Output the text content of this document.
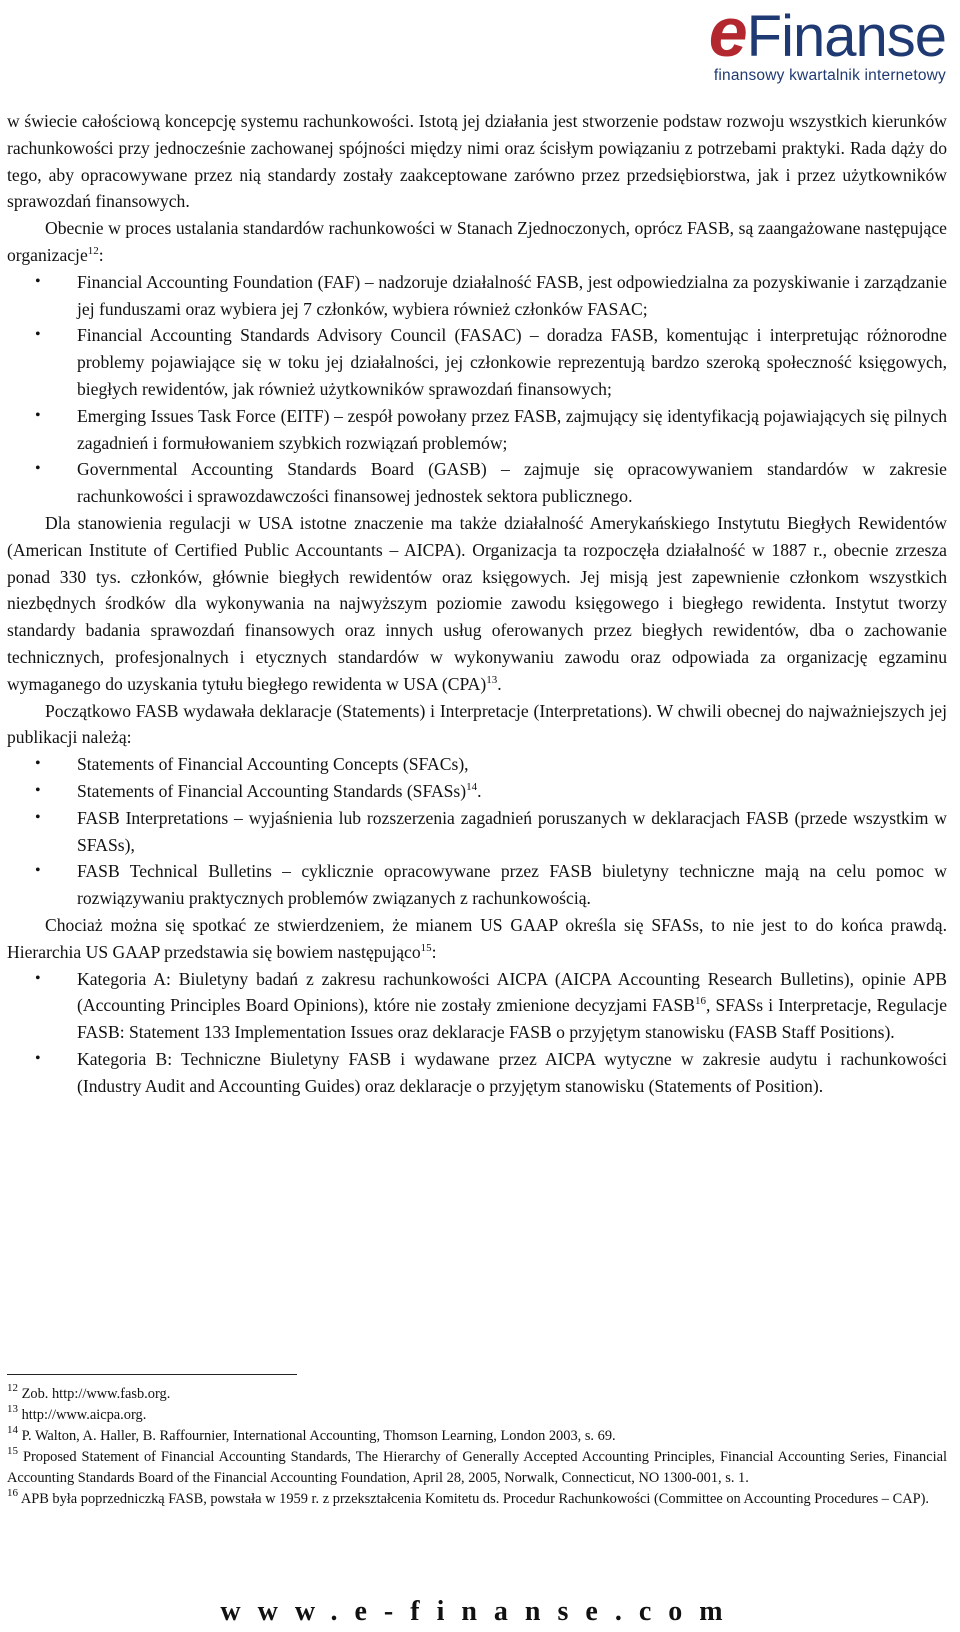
eFinanse
finansowy kwartalnik internetowy

w świecie całościową koncepcję systemu rachunkowości. Istotą jej działania jest stworzenie podstaw rozwoju wszystkich kierunków rachunkowości przy jednocześnie zachowanej spójności między nimi oraz ścisłym powiązaniu z potrzebami praktyki. Rada dąży do tego, aby opracowywane przez nią standardy zostały zaakceptowane zarówno przez przedsiębiorstwa, jak i przez użytkowników sprawozdań finansowych.

Obecnie w proces ustalania standardów rachunkowości w Stanach Zjednoczonych, oprócz FASB, są zaangażowane następujące organizacje$^{12}$:

• Financial Accounting Foundation (FAF) – nadzoruje działalność FASB, jest odpowiedzialna za pozyskiwanie i zarządzanie jej funduszami oraz wybiera jej 7 członków, wybiera również członków FASAC;
• Financial Accounting Standards Advisory Council (FASAC) – doradza FASB, komentując i interpretując różnorodne problemy pojawiające się w toku jej działalności, jej członkowie reprezentują bardzo szeroką społeczność księgowych, biegłych rewidentów, jak również użytkowników sprawozdań finansowych;
• Emerging Issues Task Force (EITF) – zespół powołany przez FASB, zajmujący się identyfikacją pojawiających się pilnych zagadnień i formułowaniem szybkich rozwiązań problemów;
• Governmental Accounting Standards Board (GASB) – zajmuje się opracowywaniem standardów w zakresie rachunkowości i sprawozdawczości finansowej jednostek sektora publicznego.

Dla stanowienia regulacji w USA istotne znaczenie ma także działalność Amerykańskiego Instytutu Biegłych Rewidentów (American Institute of Certified Public Accountants – AICPA). Organizacja ta rozpoczęła działalność w 1887 r., obecnie zrzesza ponad 330 tys. członków, głównie biegłych rewidentów oraz księgowych. Jej misją jest zapewnienie członkom wszystkich niezbędnych środków dla wykonywania na najwyższym poziomie zawodu księgowego i biegłego rewidenta. Instytut tworzy standardy badania sprawozdań finansowych oraz innych usług oferowanych przez biegłych rewidentów, dba o zachowanie technicznych, profesjonalnych i etycznych standardów w wykonywaniu zawodu oraz odpowiada za organizację egzaminu wymaganego do uzyskania tytułu biegłego rewidenta w USA (CPA)$^{13}$.

Początkowo FASB wydawała deklaracje (Statements) i Interpretacje (Interpretations). W chwili obecnej do najważniejszych jej publikacji należą:

• Statements of Financial Accounting Concepts (SFACs),
• Statements of Financial Accounting Standards (SFASs)$^{14}$.
• FASB Interpretations – wyjaśnienia lub rozszerzenia zagadnień poruszanych w deklaracjach FASB (przede wszystkim w SFASs),
• FASB Technical Bulletins – cyklicznie opracowywane przez FASB biuletyny techniczne mają na celu pomoc w rozwiązywaniu praktycznych problemów związanych z rachunkowością.

Chociaż można się spotkać ze stwierdzeniem, że mianem US GAAP określa się SFASs, to nie jest to do końca prawdą. Hierarchia US GAAP przedstawia się bowiem następująco$^{15}$:

• Kategoria A: Biuletyny badań z zakresu rachunkowości AICPA (AICPA Accounting Research Bulletins), opinie APB (Accounting Principles Board Opinions), które nie zostały zmienione decyzjami FASB$^{16}$, SFASs i Interpretacje, Regulacje FASB: Statement 133 Implementation Issues oraz deklaracje FASB o przyjętym stanowisku (FASB Staff Positions).
• Kategoria B: Techniczne Biuletyny FASB i wydawane przez AICPA wytyczne w zakresie audytu i rachunkowości (Industry Audit and Accounting Guides) oraz deklaracje o przyjętym stanowisku (Statements of Position).

$^{12}$ Zob. http://www.fasb.org.

$^{13}$ http://www.aicpa.org.

$^{14}$ P. Walton, A. Haller, B. Raffournier, International Accounting, Thomson Learning, London 2003, s. 69.

$^{15}$ Proposed Statement of Financial Accounting Standards, The Hierarchy of Generally Accepted Accounting Principles, Financial Accounting Series, Financial Accounting Standards Board of the Financial Accounting Foundation, April 28, 2005, Norwalk, Connecticut, NO 1300-001, s. 1.

$^{16}$ APB była poprzedniczką FASB, powstała w 1959 r. z przekształcenia Komitetu ds. Procedur Rachunkowości (Committee on Accounting Procedures – CAP).

www.e-finanse.com
